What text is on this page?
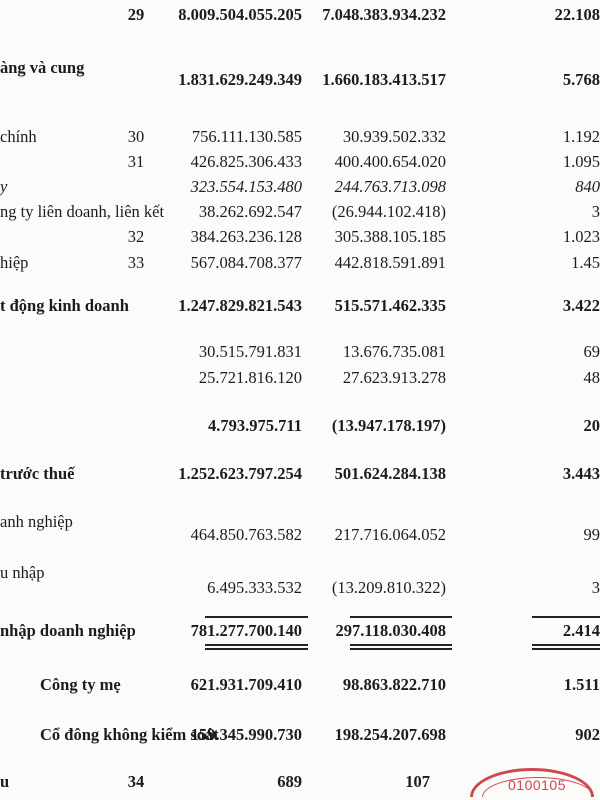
29	8.009.504.055.205 7.048.383.934.232	22.108
àng và cung
1.831.629.249.349 1.660.183.413.517	5.768
chính	30	756.111.130.585 30.939.502.332	1.192
31	426.825.306.433 400.400.654.020	1.095
y	323.554.153.480 244.763.713.098	840
ng ty liên doanh, liên kết 38.262.692.547 (26.944.102.418)	3
32	384.263.236.128 305.388.105.185	1.023
hiệp	33	567.084.708.377 442.818.591.891	1.45
t động kinh doanh	1.247.829.821.543 515.571.462.335	3.422
30.515.791.831 13.676.735.081	69
25.721.816.120 27.623.913.278	48
4.793.975.711 (13.947.178.197)	20
trước thuế	1.252.623.797.254 501.624.284.138	3.443
anh nghiệp
464.850.763.582 217.716.064.052	99
u nhập
6.495.333.532 (13.209.810.322)	3
nhập doanh nghiệp	781.277.700.140 297.118.030.408	2.414
Công ty mẹ	621.931.709.410 98.863.822.710	1.511
Cổ đông không kiểm soát
159.345.990.730 198.254.207.698	902
u	34	689	107	0100105
